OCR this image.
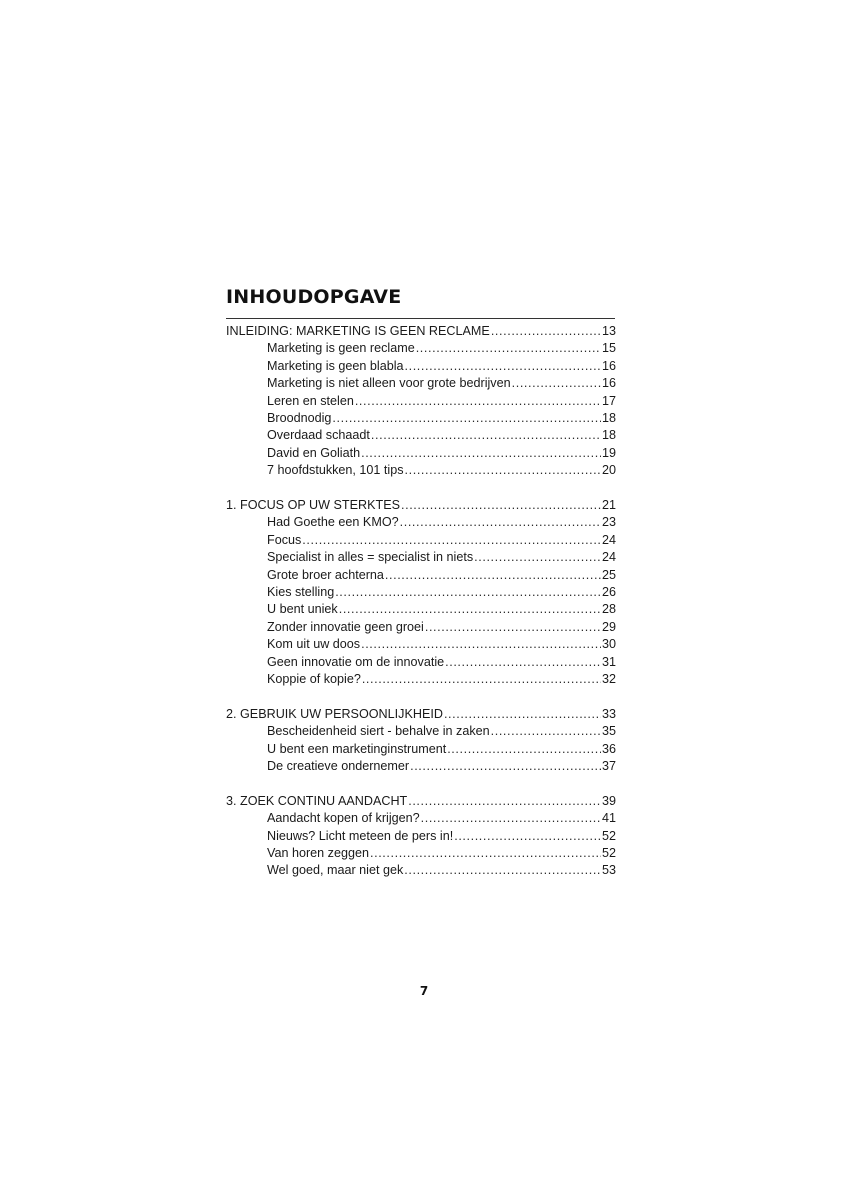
INHOUDOPGAVE
INLEIDING: MARKETING IS GEEN RECLAME .....	13
Marketing is geen reclame .....	15
Marketing is geen blabla .....	16
Marketing is niet alleen voor grote bedrijven .....	16
Leren en stelen .....	17
Broodnodig .....	18
Overdaad schaadt .....	18
David en Goliath .....	19
7 hoofdstukken, 101 tips .....	20
1. FOCUS OP UW STERKTES .....	21
Had Goethe een KMO? .....	23
Focus .....	24
Specialist in alles = specialist in niets .....	24
Grote broer achterna .....	25
Kies stelling .....	26
U bent uniek .....	28
Zonder innovatie geen groei .....	29
Kom uit uw doos .....	30
Geen innovatie om de innovatie .....	31
Koppie of kopie? .....	32
2. GEBRUIK UW PERSOONLIJKHEID .....	33
Bescheidenheid siert - behalve in zaken .....	35
U bent een marketinginstrument .....	36
De creatieve ondernemer .....	37
3. ZOEK CONTINU AANDACHT .....	39
Aandacht kopen of krijgen? .....	41
Nieuws? Licht meteen de pers in! .....	52
Van horen zeggen .....	52
Wel goed, maar niet gek .....	53
7
